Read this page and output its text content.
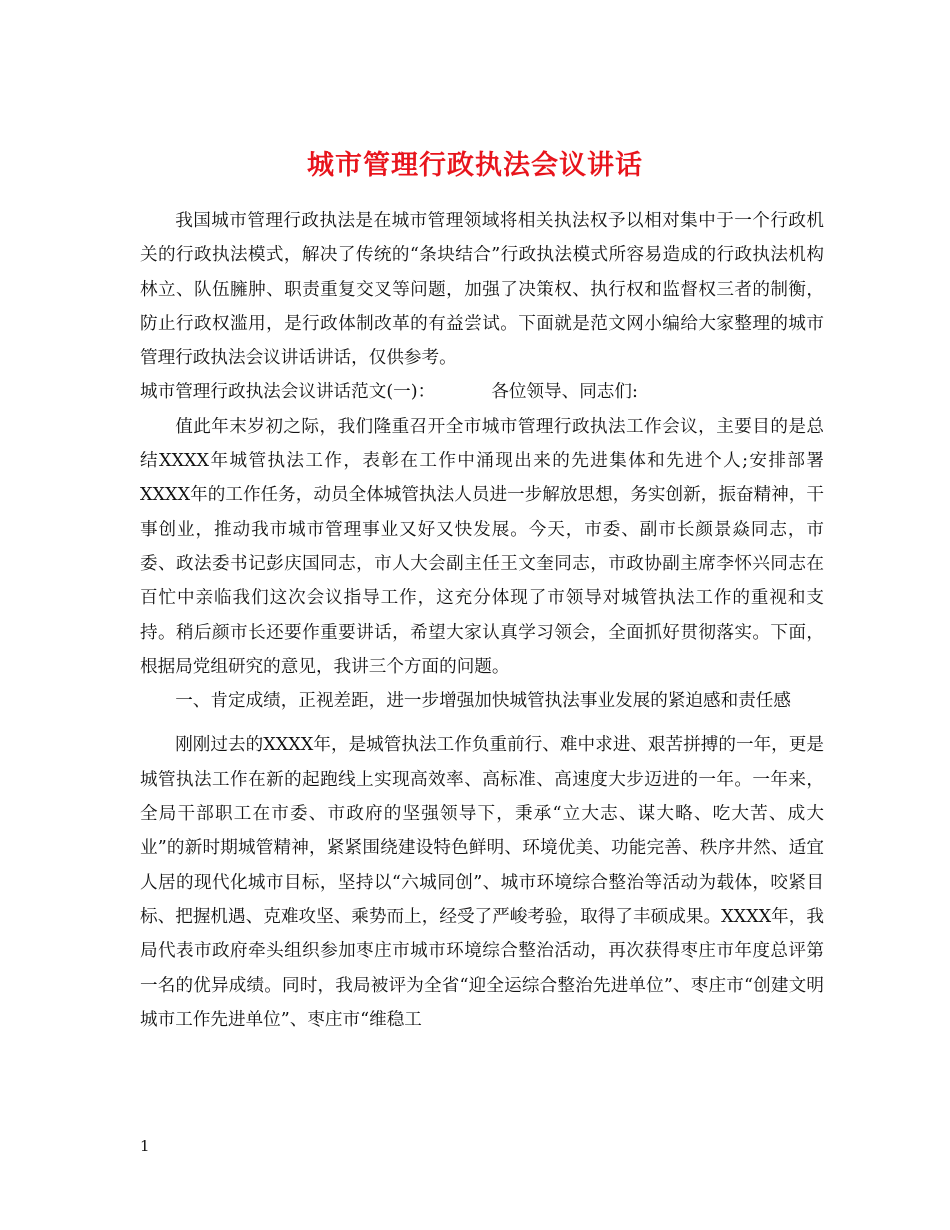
城市管理行政执法会议讲话

我国城市管理行政执法是在城市管理领域将相关执法权予以相对集中于一个行政机关的行政执法模式，解决了传统的“条块结合”行政执法模式所容易造成的行政执法机构林立、队伍臃肿、职责重复交叉等问题，加强了决策权、执行权和监督权三者的制衡，防止行政权滥用，是行政体制改革的有益尝试。下面就是范文网小编给大家整理的城市管理行政执法会议讲话讲话，仅供参考。

城市管理行政执法会议讲话范文(一)：	各位领导、同志们:

值此年末岁初之际，我们隆重召开全市城市管理行政执法工作会议，主要目的是总结XXXX年城管执法工作，表彰在工作中涌现出来的先进集体和先进个人;安排部署XXXX年的工作任务，动员全体城管执法人员进一步解放思想，务实创新，振奋精神，干事创业，推动我市城市管理事业又好又快发展。今天，市委、副市长颜景焱同志，市委、政法委书记彭庆国同志，市人大会副主任王文奎同志，市政协副主席李怀兴同志在百忙中亲临我们这次会议指导工作，这充分体现了市领导对城管执法工作的重视和支持。稍后颜市长还要作重要讲话，希望大家认真学习领会，全面抓好贯彻落实。下面，根据局党组研究的意见，我讲三个方面的问题。

一、肯定成绩，正视差距，进一步增强加快城管执法事业发展的紧迫感和责任感

刚刚过去的XXXX年，是城管执法工作负重前行、难中求进、艰苦拼搏的一年，更是城管执法工作在新的起跑线上实现高效率、高标准、高速度大步迈进的一年。一年来，全局干部职工在市委、市政府的坚强领导下，秉承“立大志、谋大略、吃大苦、成大业”的新时期城管精神，紧紧围绕建设特色鲜明、环境优美、功能完善、秩序井然、适宜人居的现代化城市目标，坚持以“六城同创”、城市环境综合整治等活动为载体，咬紧目标、把握机遇、克难攻坚、乘势而上，经受了严峻考验，取得了丰硕成果。XXXX年，我局代表市政府牵头组织参加枣庄市城市环境综合整治活动，再次获得枣庄市年度总评第一名的优异成绩。同时，我局被评为全省“迎全运综合整治先进单位”、枣庄市“创建文明城市工作先进单位”、枣庄市“维稳工

1
